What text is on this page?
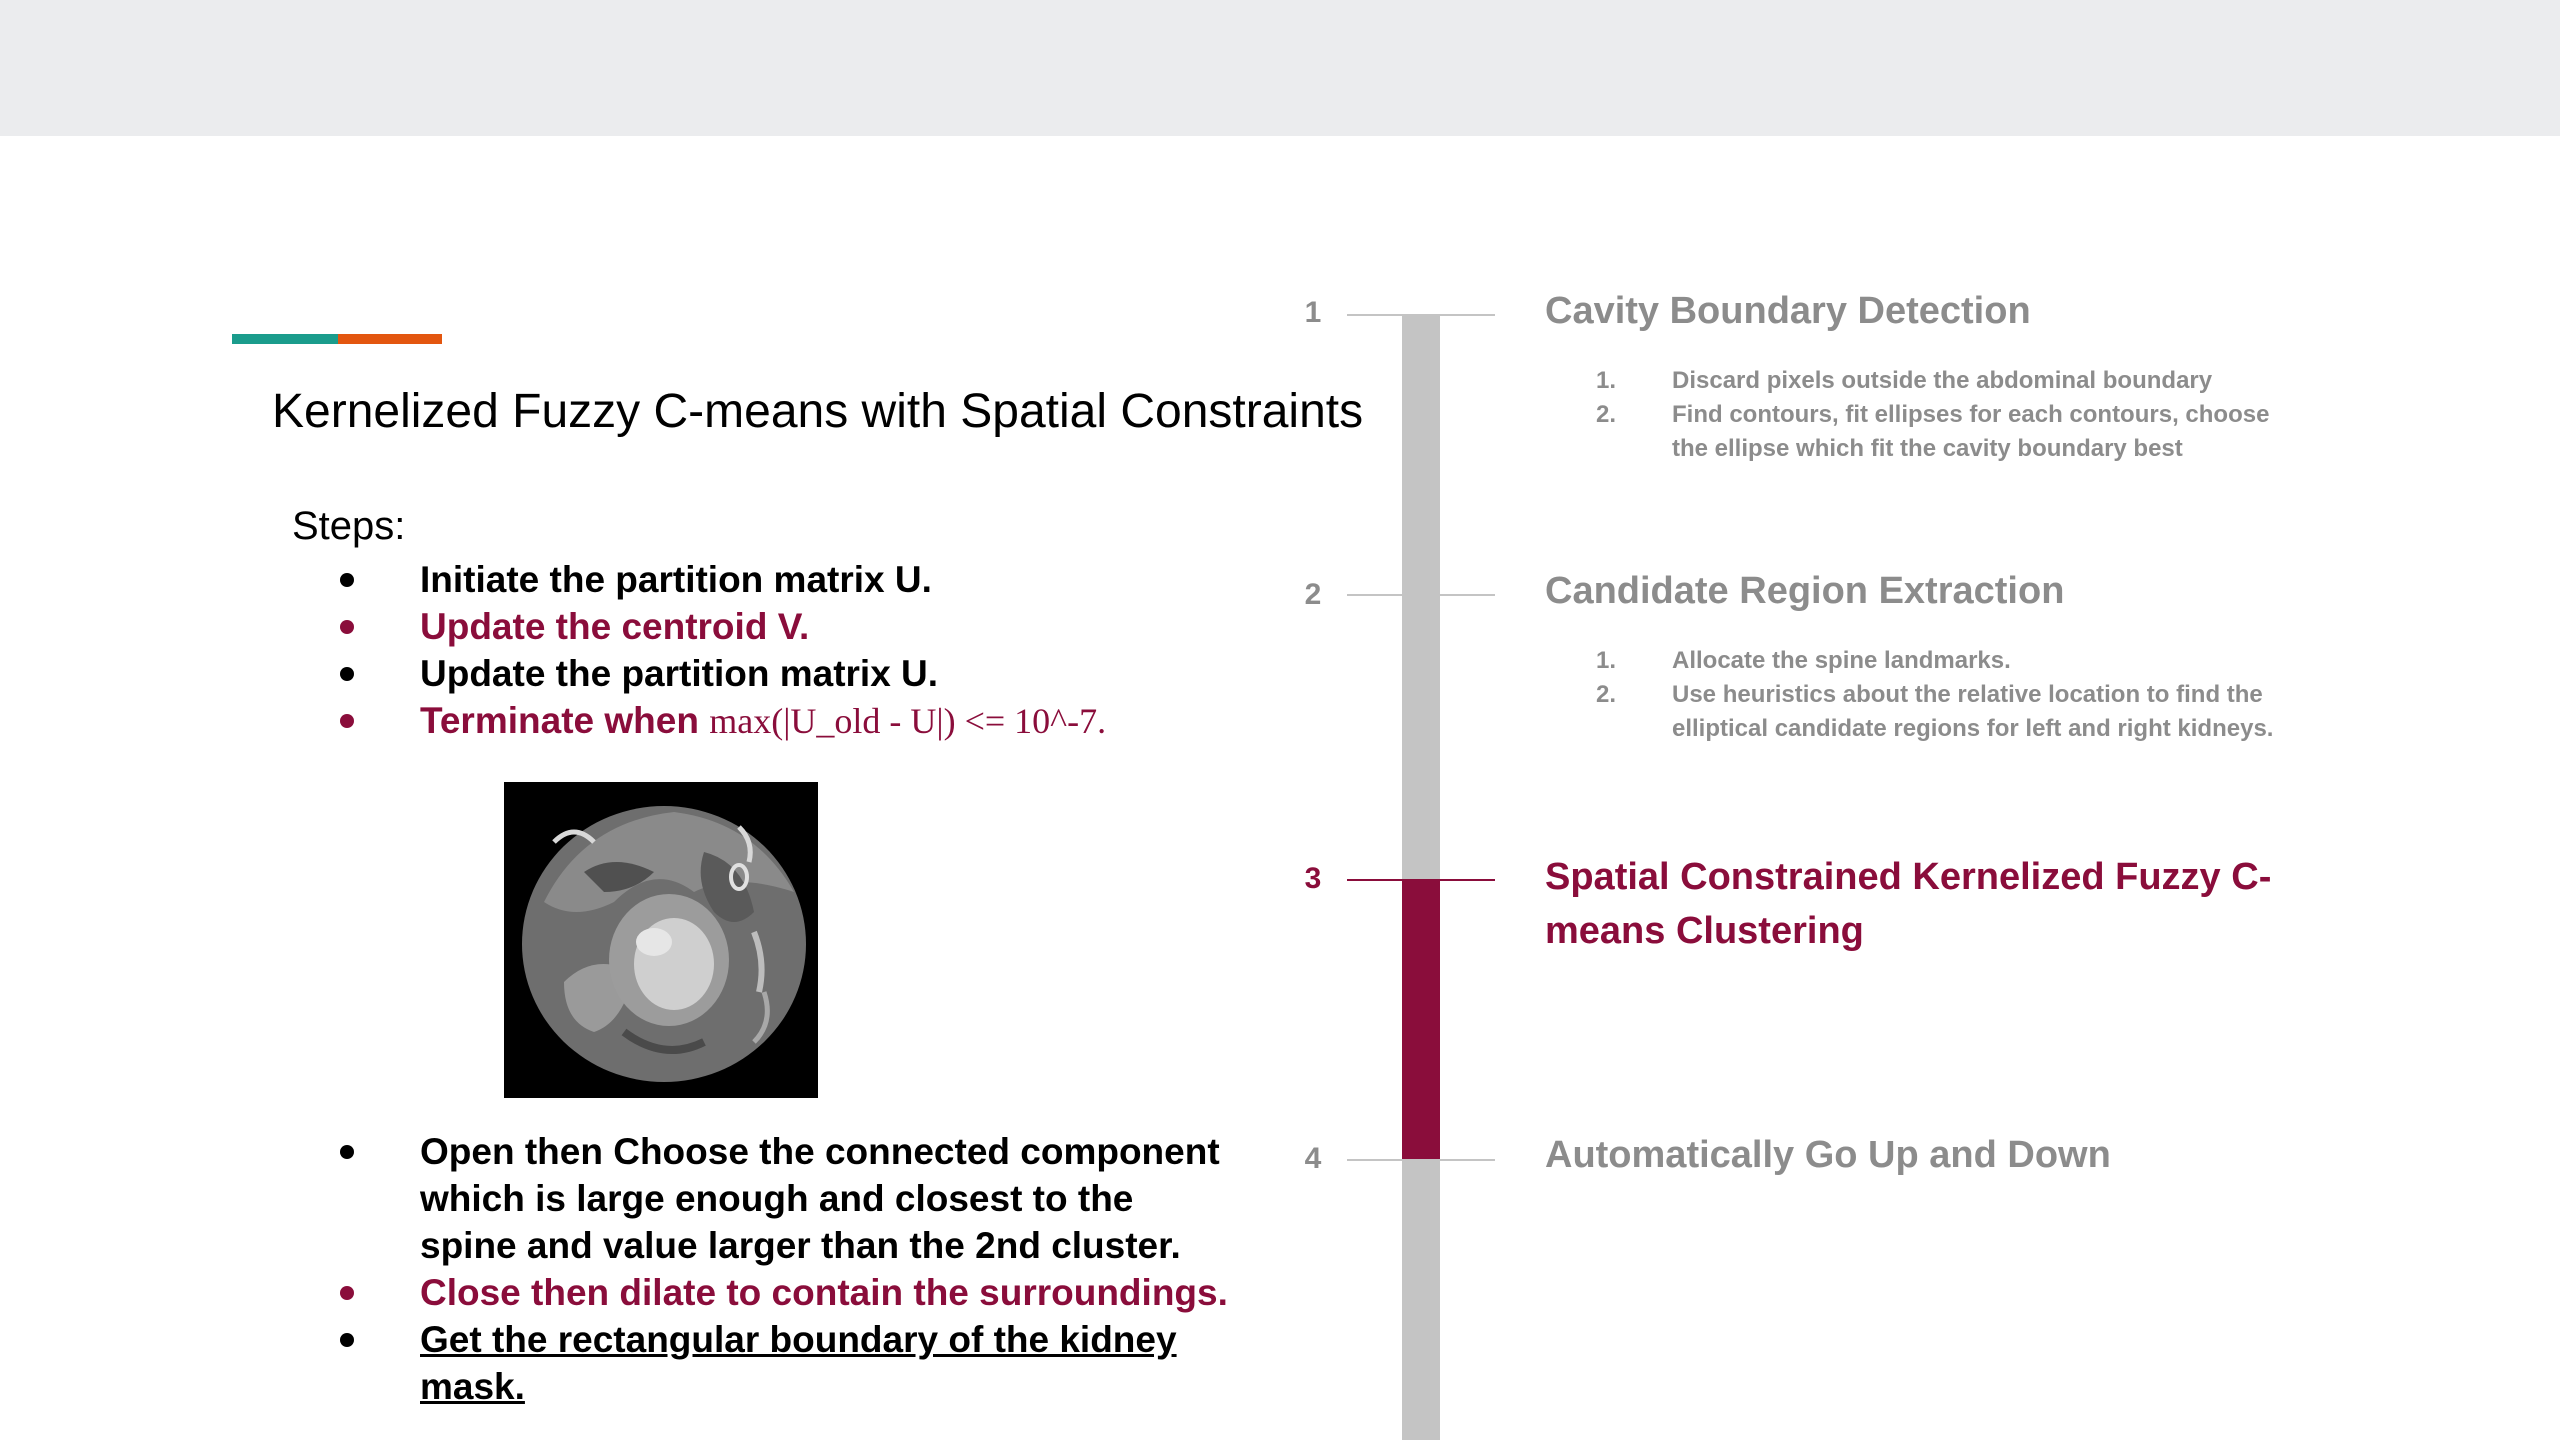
Kernelized Fuzzy C-means with Spatial Constraints
Steps:
Initiate the partition matrix U.
Update the centroid V.
Update the partition matrix U.
Terminate when max(|U_old - U|) <= 10^-7.
Open then Choose the connected component which is large enough and closest to the spine and value larger than the 2nd cluster.
Close then dilate to contain the surroundings.
Get the rectangular boundary of the kidney mask.
1	Cavity Boundary Detection
1. Discard pixels outside the abdominal boundary
2. Find contours, fit ellipses for each contours, choose the ellipse which fit the cavity boundary best
2	Candidate Region Extraction
1. Allocate the spine landmarks.
2. Use heuristics about the relative location to find the elliptical candidate regions for left and right kidneys.
3	Spatial Constrained Kernelized Fuzzy C-means Clustering
4	Automatically Go Up and Down
